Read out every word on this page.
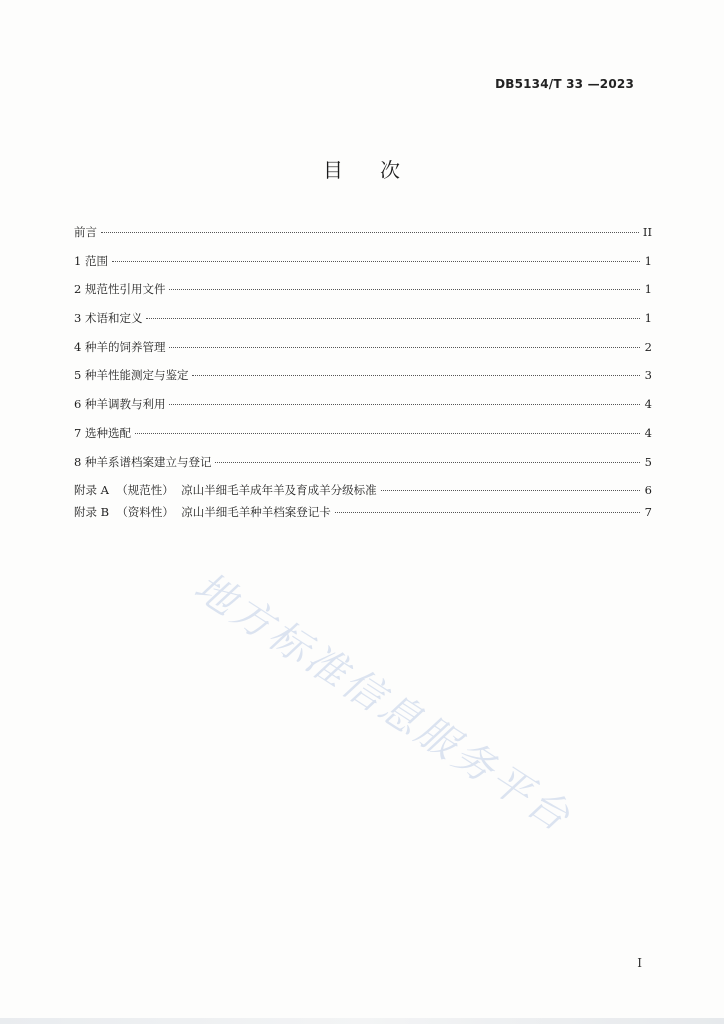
DB5134/T 33 —2023
目 次
前言	II
1 范围	1
2 规范性引用文件	1
3 术语和定义	1
4 种羊的饲养管理	2
5 种羊性能测定与鉴定	3
6 种羊调教与利用	4
7 选种选配	4
8 种羊系谱档案建立与登记	5
附录 A  （规范性）  凉山半细毛羊成年羊及育成羊分级标准	6
附录 B  （资料性）  凉山半细毛羊种羊档案登记卡	7
地方标准信息服务平台
I
